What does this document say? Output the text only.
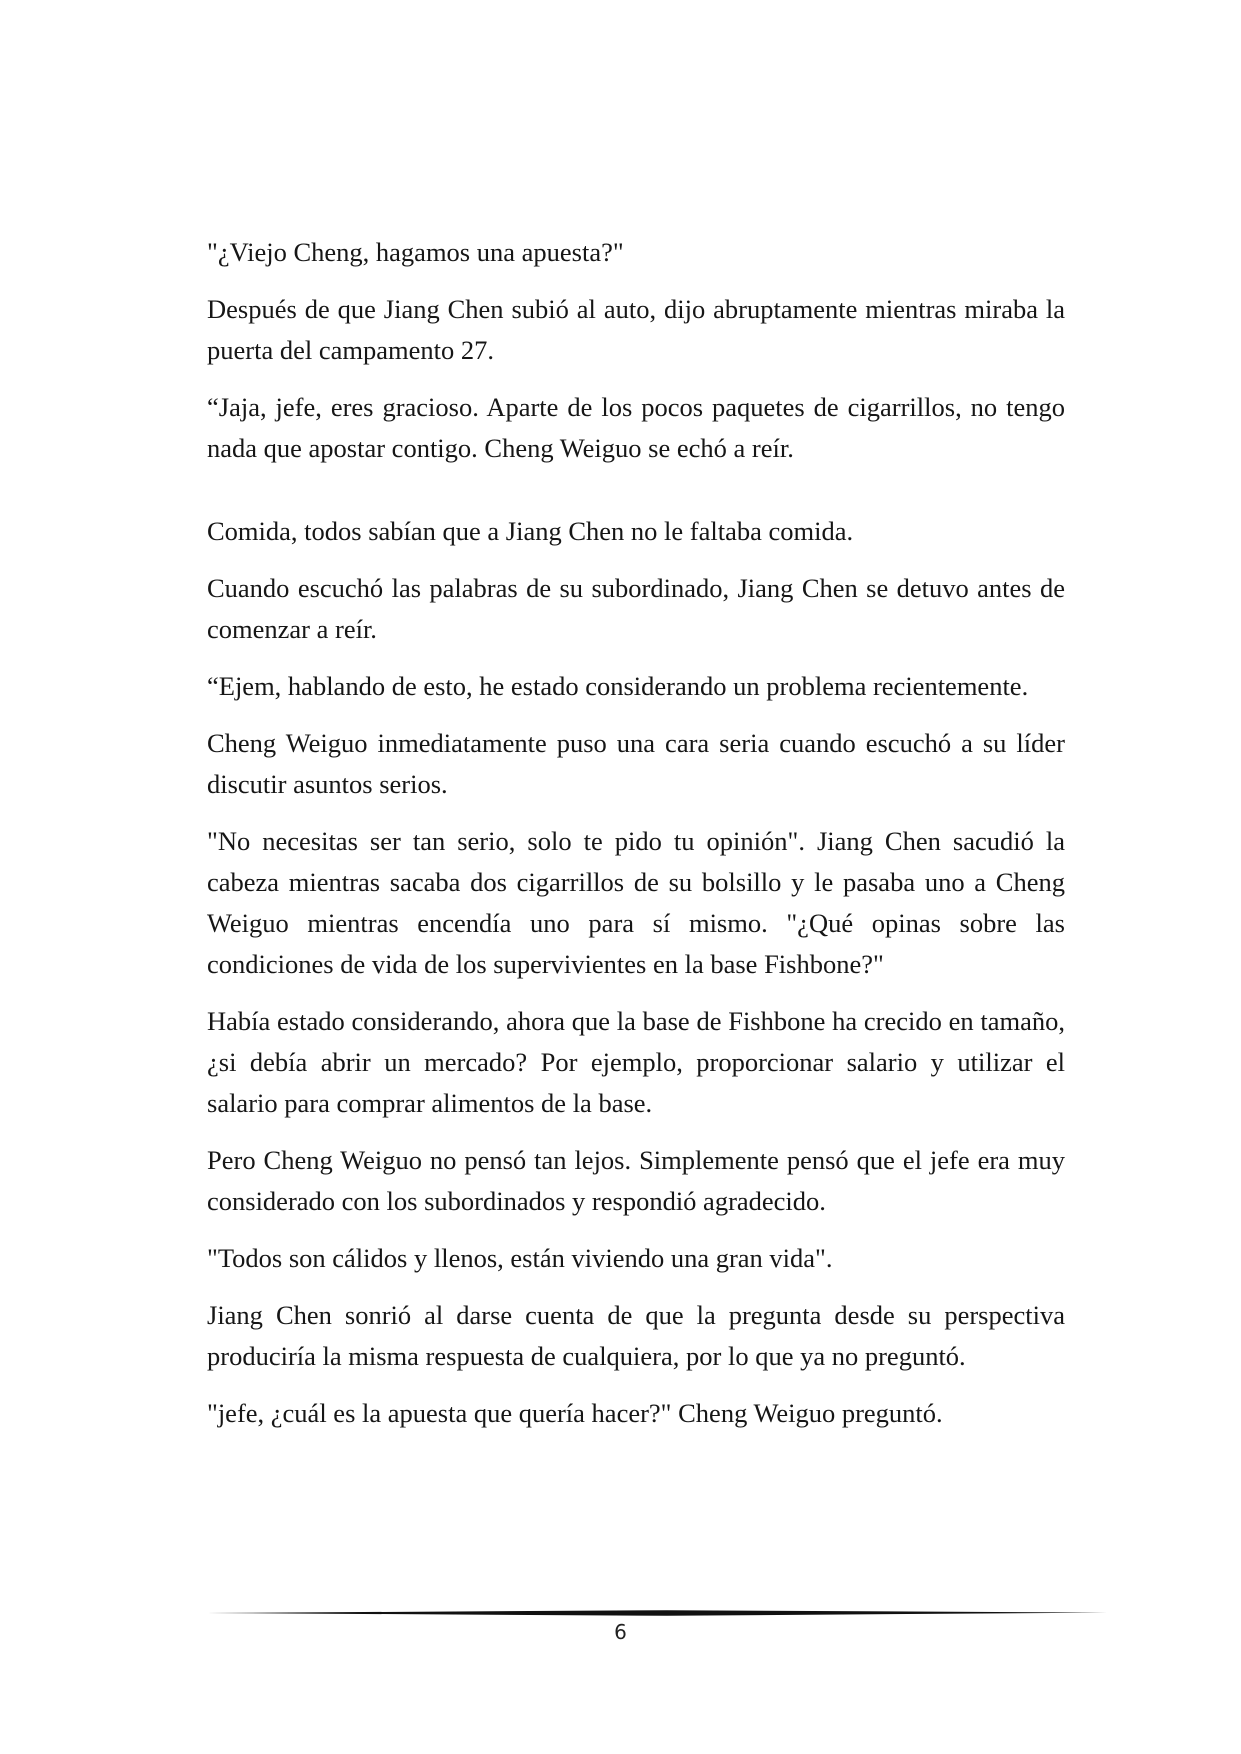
"¿Viejo Cheng, hagamos una apuesta?"

Después de que Jiang Chen subió al auto, dijo abruptamente mientras miraba la puerta del campamento 27.

“Jaja, jefe, eres gracioso. Aparte de los pocos paquetes de cigarrillos, no tengo nada que apostar contigo. Cheng Weiguo se echó a reír.

Comida, todos sabían que a Jiang Chen no le faltaba comida.

Cuando escuchó las palabras de su subordinado, Jiang Chen se detuvo antes de comenzar a reír.

“Ejem, hablando de esto, he estado considerando un problema recientemente.

Cheng Weiguo inmediatamente puso una cara seria cuando escuchó a su líder discutir asuntos serios.

"No necesitas ser tan serio, solo te pido tu opinión". Jiang Chen sacudió la cabeza mientras sacaba dos cigarrillos de su bolsillo y le pasaba uno a Cheng Weiguo mientras encendía uno para sí mismo. "¿Qué opinas sobre las condiciones de vida de los supervivientes en la base Fishbone?"

Había estado considerando, ahora que la base de Fishbone ha crecido en tamaño, ¿si debía abrir un mercado? Por ejemplo, proporcionar salario y utilizar el salario para comprar alimentos de la base.

Pero Cheng Weiguo no pensó tan lejos. Simplemente pensó que el jefe era muy considerado con los subordinados y respondió agradecido.

"Todos son cálidos y llenos, están viviendo una gran vida".

Jiang Chen sonrió al darse cuenta de que la pregunta desde su perspectiva produciría la misma respuesta de cualquiera, por lo que ya no preguntó.

"jefe, ¿cuál es la apuesta que quería hacer?" Cheng Weiguo preguntó.

6
